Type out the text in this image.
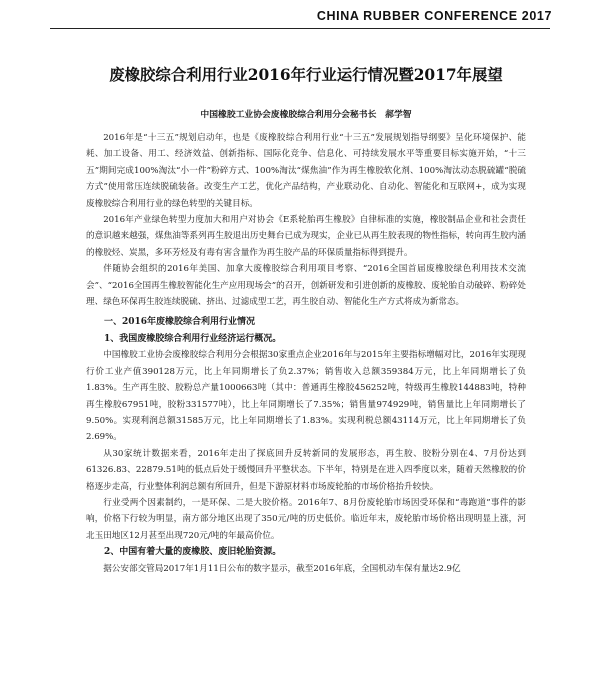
CHINA RUBBER CONFERENCE 2017
废橡胶综合利用行业2016年行业运行情况暨2017年展望

中国橡胶工业协会废橡胶综合利用分会秘书长　郝学智

2016年是“十三五”规划启动年，也是《废橡胶综合利用行业“十三五”发展规划指导纲要》呈化环境保护、能耗、加工设备、用工、经济效益、创新指标、国际化竞争、信息化、可持续发展水平等重要目标实施开始，“十三五”期间完成100%淘汰“小一件”粉碎方式、100%淘汰“煤焦油”作为再生橡胶软化剂、100%淘汰动态脱硫罐“脱硫方式”使用常压连续脱硫装备。改变生产工艺，优化产品结构，产业联动化、自动化、智能化和互联网+，成为实现废橡胶综合利用行业的绿色转型的关键目标。

2016年产业绿色转型力度加大和用户对协会《E系轮胎再生橡胶》自律标准的实施，橡胶制品企业和社会责任的意识越来越强，煤焦油等系列再生胶退出历史舞台已成为现实，企业已从再生胶表现的物性指标，转向再生胶内涵的橡胶烃、炭黑，多环芳烃及有毒有害含量作为再生胶产品的环保质量指标得到提升。

伴随协会组织的2016年美国、加拿大废橡胶综合利用项目考察、“2016全国首届废橡胶绿色利用技术交流会”、“2016全国再生橡胶智能化生产应用现场会”的召开，创新研发和引进创新的废橡胶、废轮胎自动破碎、粉碎处理、绿色环保再生胶连续脱硫、挤出、过滤成型工艺，再生胶自动、智能化生产方式将成为新常态。

一、2016年废橡胶综合利用行业情况

1、我国废橡胶综合利用行业经济运行概况。

中国橡胶工业协会废橡胶综合利用分会根据30家重点企业2016年与2015年主要指标增幅对比，2016年实现现行价工业产值390128万元，比上年同期增长了负2.37%；销售收入总额359384万元，比上年同期增长了负1.83%。生产再生胶、胶粉总产量1000663吨（其中：普通再生橡胶456252吨，特级再生橡胶144883吨，特种再生橡胶67951吨，胶粉331577吨），比上年同期增长了7.35%；销售量974929吨，销售量比上年同期增长了9.50%。实现利润总额31585万元，比上年同期增长了1.83%。实现利税总额43114万元，比上年同期增长了负2.69%。

从30家统计数据来看，2016年走出了探底回升反转新同的发展形态，再生胶、胶粉分别在4、7月份达到61326.83、22879.51吨的低点后处于缓慢回升平整状态。下半年，特别是在进入四季度以来，随着天然橡胶的价格逐步走高，行业整体利润总额有所回升，但是下游原材料市场废轮胎的市场价格抬升较快。

行业受两个因素制约，一是环保、二是大胶价格。2016年7、8月份废轮胎市场因受环保和“毒跑道”事件的影响，价格下行较为明显，南方部分地区出现了350元/吨的历史低价。临近年末，废轮胎市场价格出现明显上涨，河北玉田地区12月甚至出现720元/吨的年最高价位。

2、中国有着大量的废橡胶、废旧轮胎资源。

据公安部交管局2017年1月11日公布的数字显示，截至2016年底，全国机动车保有量达2.9亿
